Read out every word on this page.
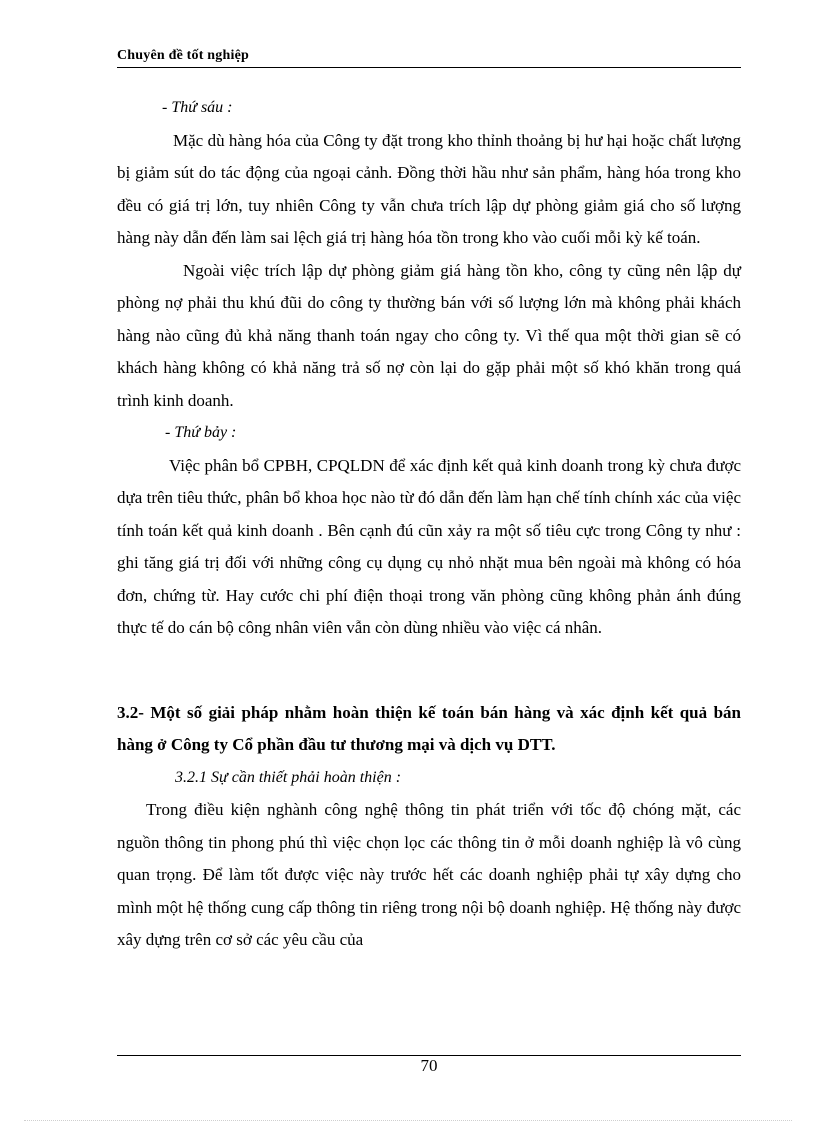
Chuyên đề tốt nghiệp

- Thứ sáu :

Mặc dù hàng hóa của Công ty đặt trong kho thỉnh thoảng bị hư hại hoặc chất lượng bị giảm sút do tác động của ngoại cảnh. Đồng thời hầu như sản phẩm, hàng hóa trong kho đều có giá trị lớn, tuy nhiên Công ty vẫn chưa trích lập dự phòng giảm giá cho số lượng hàng này dẫn đến làm sai lệch giá trị hàng hóa tồn trong kho vào cuối mỗi kỳ kế toán.

Ngoài việc trích lập dự phòng giảm giá hàng tồn kho, công ty cũng nên lập dự phòng nợ phải thu khú đũi do công ty thường bán với số lượng lớn mà không phải khách hàng nào cũng đủ khả năng thanh toán ngay cho công ty. Vì thế qua một thời gian sẽ có khách hàng không có khả năng trả số nợ còn lại do gặp phải một số khó khăn trong quá trình kinh doanh.

- Thứ bảy :

Việc phân bổ CPBH, CPQLDN để xác định kết quả kinh doanh trong kỳ chưa được dựa trên tiêu thức, phân bổ khoa học nào từ đó dẫn đến làm hạn chế tính chính xác của việc tính toán kết quả kinh doanh . Bên cạnh đú cũn xảy ra một số tiêu cực trong Công ty như : ghi tăng giá trị đối với những công cụ dụng cụ nhỏ nhặt mua bên ngoài mà không có hóa đơn, chứng từ. Hay cước chi phí điện thoại trong văn phòng cũng không phản ánh đúng thực tế do cán bộ công nhân viên vẫn còn dùng nhiều vào việc cá nhân.

3.2- Một số giải pháp nhằm hoàn thiện kế toán bán hàng và xác định kết quả bán hàng ở Công ty Cổ phần đầu tư thương mại và dịch vụ DTT.

3.2.1 Sự cần thiết phải hoàn thiện :

Trong điều kiện nghành công nghệ thông tin phát triển với tốc độ chóng mặt, các nguồn thông tin phong phú thì việc chọn lọc các thông tin ở mỗi doanh nghiệp là vô cùng quan trọng. Để làm tốt được việc này trước hết các doanh nghiệp phải tự xây dựng cho mình một hệ thống cung cấp thông tin riêng trong nội bộ doanh nghiệp. Hệ thống này được xây dựng trên cơ sở các yêu cầu của

70
